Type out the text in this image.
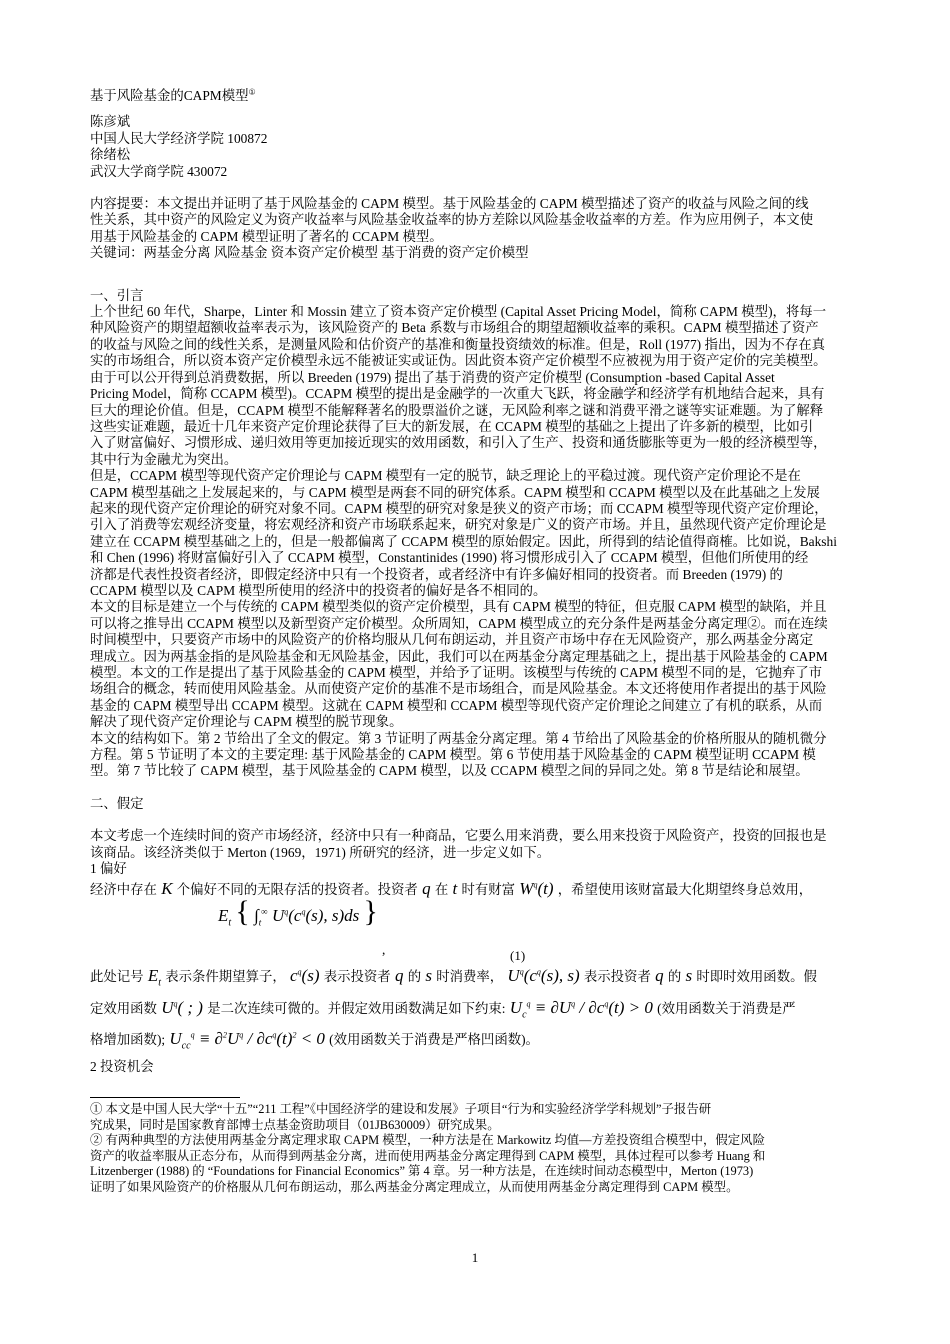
基于风险基金的CAPM模型①
陈彦斌
中国人民大学经济学院 100872
徐绪松
武汉大学商学院 430072
内容提要：本文提出并证明了基于风险基金的 CAPM 模型。基于风险基金的 CAPM 模型描述了资产的收益与风险之间的线
性关系，其中资产的风险定义为资产收益率与风险基金收益率的协方差除以风险基金收益率的方差。作为应用例子，本文使
用基于风险基金的 CAPM 模型证明了著名的 CCAPM 模型。
关键词：两基金分离 风险基金 资本资产定价模型 基于消费的资产定价模型
一、引言
上个世纪 60 年代，Sharpe，Linter 和 Mossin 建立了资本资产定价模型 (Capital Asset Pricing Model，简称 CAPM 模型)，将每一
种风险资产的期望超额收益率表示为，该风险资产的 Beta 系数与市场组合的期望超额收益率的乘积。CAPM 模型描述了资产
的收益与风险之间的线性关系，是测量风险和估价资产的基准和衡量投资绩效的标准。但是，Roll (1977) 指出，因为不存在真
实的市场组合，所以资本资产定价模型永远不能被证实或证伪。因此资本资产定价模型不应被视为用于资产定价的完美模型。
由于可以公开得到总消费数据，所以 Breeden (1979) 提出了基于消费的资产定价模型 (Consumption -based Capital Asset
Pricing Model，简称 CCAPM 模型)。CCAPM 模型的提出是金融学的一次重大飞跃，将金融学和经济学有机地结合起来，具有
巨大的理论价值。但是，CCAPM 模型不能解释著名的股票溢价之谜，无风险利率之谜和消费平滑之谜等实证难题。为了解释
这些实证难题，最近十几年来资产定价理论获得了巨大的新发展，在 CCAPM 模型的基础之上提出了许多新的模型，比如引
入了财富偏好、习惯形成、递归效用等更加接近现实的效用函数，和引入了生产、投资和通货膨胀等更为一般的经济模型等，
其中行为金融尤为突出。
但是，CCAPM 模型等现代资产定价理论与 CAPM 模型有一定的脱节，缺乏理论上的平稳过渡。现代资产定价理论不是在
CAPM 模型基础之上发展起来的，与 CAPM 模型是两套不同的研究体系。CAPM 模型和 CCAPM 模型以及在此基础之上发展
起来的现代资产定价理论的研究对象不同。CAPM 模型的研究对象是狭义的资产市场；而 CCAPM 模型等现代资产定价理论，
引入了消费等宏观经济变量，将宏观经济和资产市场联系起来，研究对象是广义的资产市场。并且，虽然现代资产定价理论是
建立在 CCAPM 模型基础之上的，但是一般都偏离了 CCAPM 模型的原始假定。因此，所得到的结论值得商榷。比如说，Bakshi
和 Chen (1996) 将财富偏好引入了 CCAPM 模型，Constantinides (1990) 将习惯形成引入了 CCAPM 模型，但他们所使用的经
济都是代表性投资者经济，即假定经济中只有一个投资者，或者经济中有许多偏好相同的投资者。而 Breeden (1979) 的
CCAPM 模型以及 CAPM 模型所使用的经济中的投资者的偏好是各不相同的。
本文的目标是建立一个与传统的 CAPM 模型类似的资产定价模型，具有 CAPM 模型的特征，但克服 CAPM 模型的缺陷，并且
可以将之推导出 CCAPM 模型以及新型资产定价模型。众所周知，CAPM 模型成立的充分条件是两基金分离定理②。而在连续
时间模型中，只要资产市场中的风险资产的价格均服从几何布朗运动，并且资产市场中存在无风险资产，那么两基金分离定
理成立。因为两基金指的是风险基金和无风险基金，因此，我们可以在两基金分离定理基础之上，提出基于风险基金的 CAPM
模型。本文的工作是提出了基于风险基金的 CAPM 模型，并给予了证明。该模型与传统的 CAPM 模型不同的是，它抛弃了市
场组合的概念，转而使用风险基金。从而使资产定价的基准不是市场组合，而是风险基金。本文还将使用作者提出的基于风险
基金的 CAPM 模型导出 CCAPM 模型。这就在 CAPM 模型和 CCAPM 模型等现代资产定价理论之间建立了有机的联系，从而
解决了现代资产定价理论与 CAPM 模型的脱节现象。
本文的结构如下。第 2 节给出了全文的假定。第 3 节证明了两基金分离定理。第 4 节给出了风险基金的价格所服从的随机微分
方程。第 5 节证明了本文的主要定理: 基于风险基金的 CAPM 模型。第 6 节使用基于风险基金的 CAPM 模型证明 CCAPM 模
型。第 7 节比较了 CAPM 模型，基于风险基金的 CAPM 模型，以及 CCAPM 模型之间的异同之处。第 8 节是结论和展望。
二、假定
本文考虑一个连续时间的资产市场经济，经济中只有一种商品，它要么用来消费，要么用来投资于风险资产，投资的回报也是
该商品。该经济类似于 Merton (1969，1971) 所研究的经济，进一步定义如下。
1 偏好
经济中存在 K 个偏好不同的无限存活的投资者。投资者 q 在 t 时有财富 $W^q(t)$ ，希望使用该财富最大化期望终身总效用，
$E_t$ { $\int_t^\infty$ $U^q(c^q(s)$, s)ds }
,	(1)
此处记号 $E_t$ 表示条件期望算子， $c^q(s)$ 表示投资者 q 的 s 时消费率， $U^q(c^q(s)$, s) 表示投资者 q 的 s 时即时效用函数。假
定效用函数 $U^q$( ; ) 是二次连续可微的。并假定效用函数满足如下约束: $U_c^q \equiv \partial U^q / \partial c^q(t) > 0$ (效用函数关于消费是严
格增加函数); $U_{cc}^q \equiv \partial^2U^q / \partial c^q(t)^2 < 0$ (效用函数关于消费是严格凹函数)。
2 投资机会
① 本文是中国人民大学“十五”“211 工程”《中国经济学的建设和发展》子项目“行为和实验经济学学科规划”子报告研
究成果，同时是国家教育部博士点基金资助项目（01JB630009）研究成果。
② 有两种典型的方法使用两基金分离定理求取 CAPM 模型，一种方法是在 Markowitz 均值—方差投资组合模型中，假定风险
资产的收益率服从正态分布，从而得到两基金分离，进而使用两基金分离定理得到 CAPM 模型，具体过程可以参考 Huang 和
Litzenberger (1988) 的 “Foundations for Financial Economics” 第 4 章。另一种方法是，在连续时间动态模型中，Merton (1973)
证明了如果风险资产的价格服从几何布朗运动，那么两基金分离定理成立，从而使用两基金分离定理得到 CAPM 模型。
1
